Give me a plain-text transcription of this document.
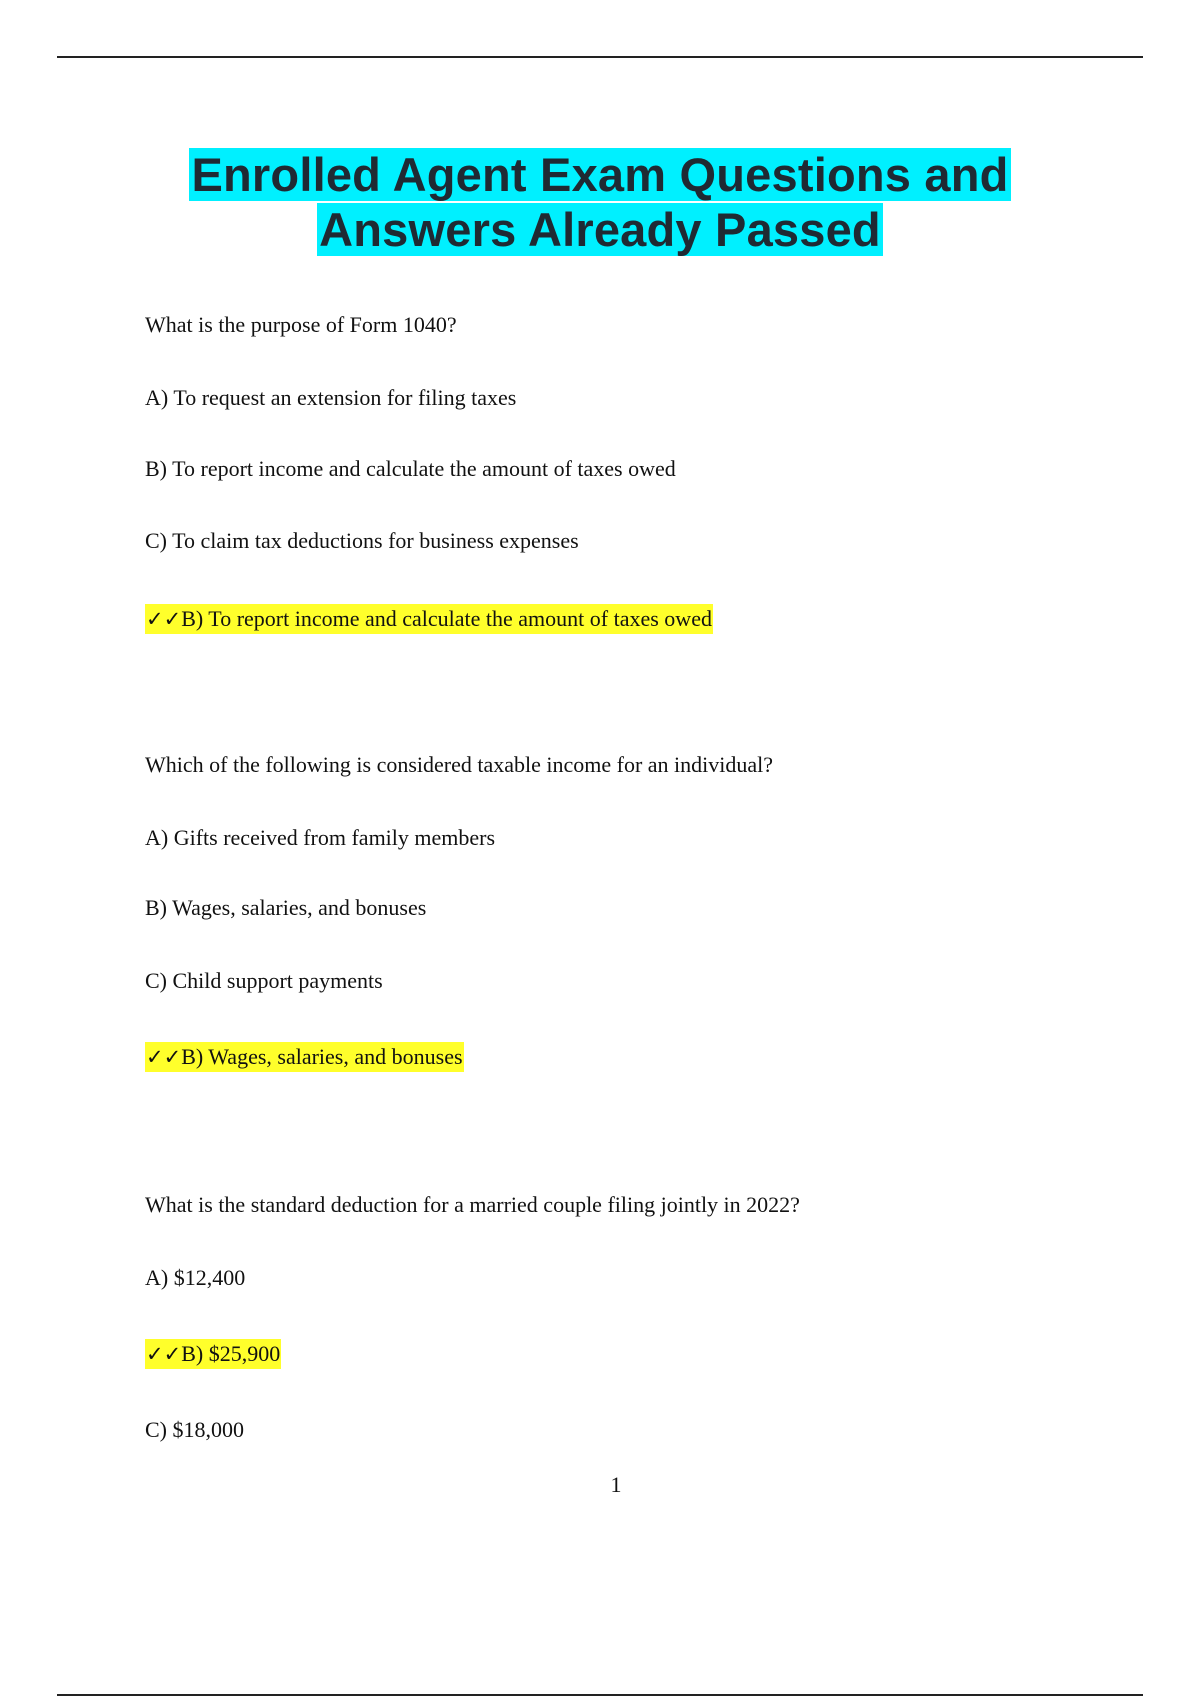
Enrolled Agent Exam Questions and
Answers Already Passed
What is the purpose of Form 1040?
A) To request an extension for filing taxes
B) To report income and calculate the amount of taxes owed
C) To claim tax deductions for business expenses
✓✓B) To report income and calculate the amount of taxes owed
Which of the following is considered taxable income for an individual?
A) Gifts received from family members
B) Wages, salaries, and bonuses
C) Child support payments
✓✓B) Wages, salaries, and bonuses
What is the standard deduction for a married couple filing jointly in 2022?
A) $12,400
✓✓B) $25,900
C) $18,000
1
